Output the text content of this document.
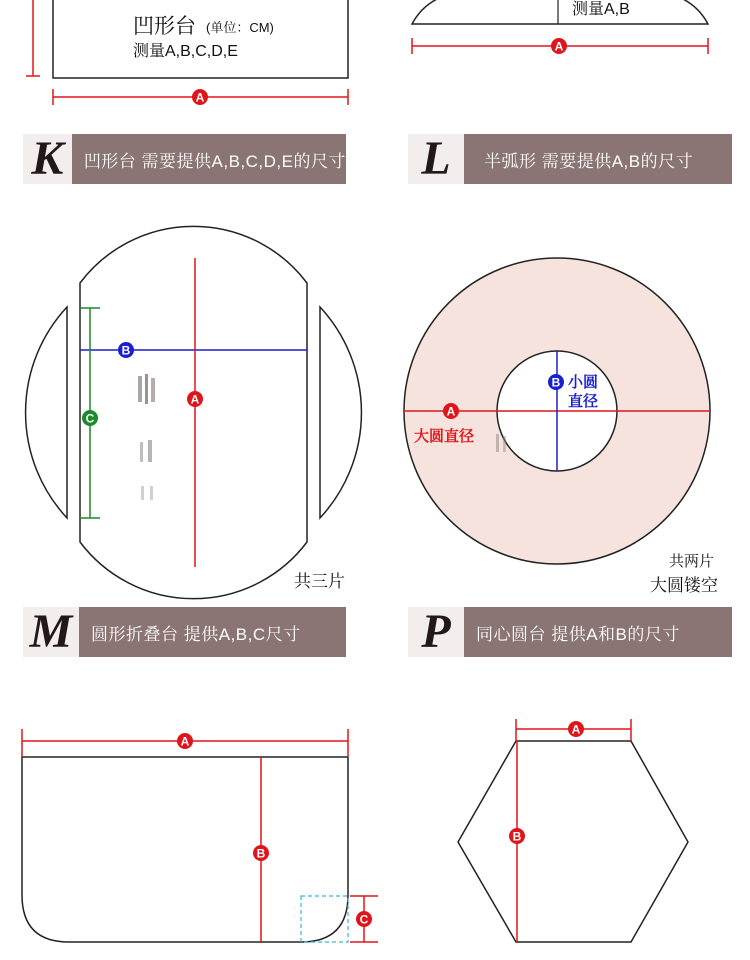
凹形台 (单位：CM)
测量A,B,C,D,E
A
测量A,B
A
B
A
C
共三片
A
大圆直径
B 小圆
直径
共两片
大圆镂空
A
B
C
A
B
K 凹形台 需要提供A,B,C,D,E的尺寸 L 半弧形 需要提供A,B的尺寸
M 圆形折叠台 提供A,B,C尺寸	P 同心圆台 提供A和B的尺寸
